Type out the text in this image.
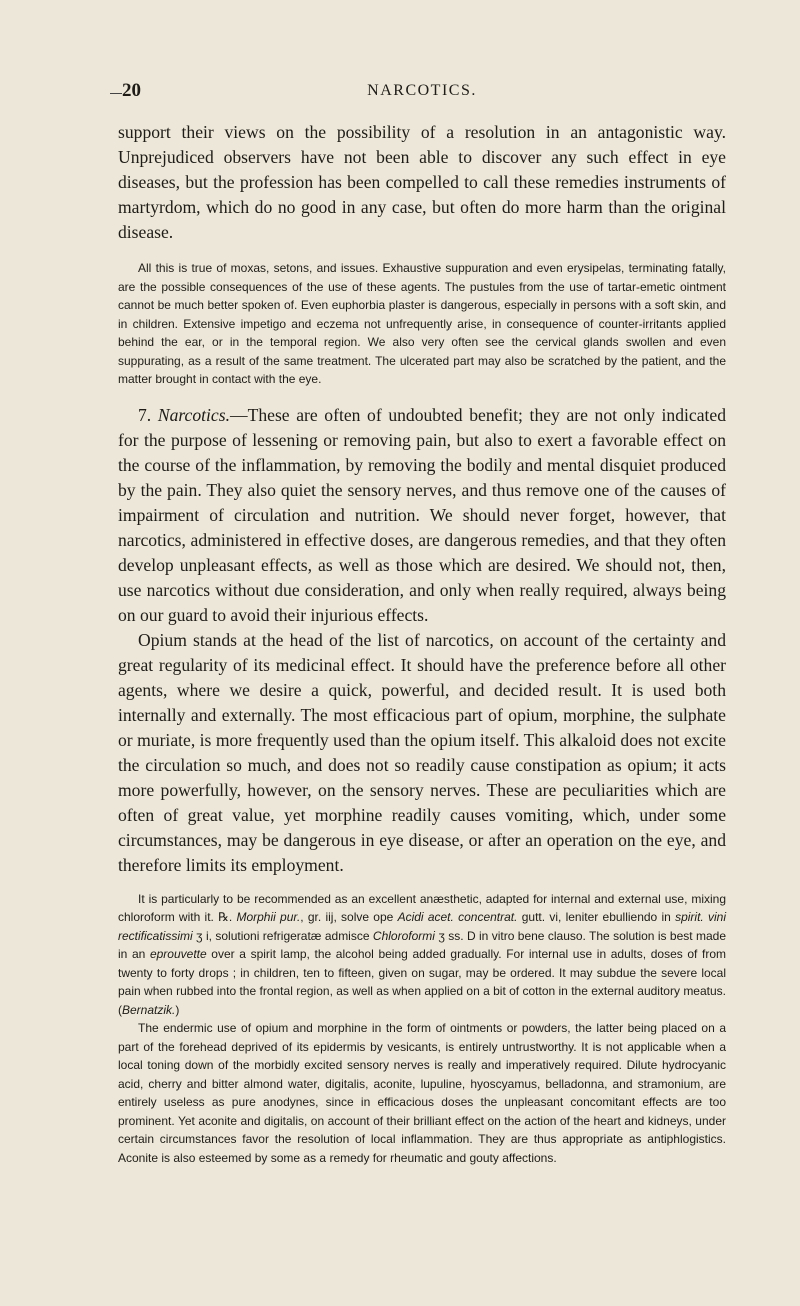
20	NARCOTICS.

support their views on the possibility of a resolution in an antagonistic way. Unprejudiced observers have not been able to discover any such effect in eye diseases, but the profession has been compelled to call these remedies instruments of martyrdom, which do no good in any case, but often do more harm than the original disease.

All this is true of moxas, setons, and issues. Exhaustive suppuration and even erysipelas, terminating fatally, are the possible consequences of the use of these agents. The pustules from the use of tartar-emetic ointment cannot be much better spoken of. Even euphorbia plaster is dangerous, especially in persons with a soft skin, and in children. Extensive impetigo and eczema not unfrequently arise, in consequence of counter-irritants applied behind the ear, or in the temporal region. We also very often see the cervical glands swollen and even suppurating, as a result of the same treatment. The ulcerated part may also be scratched by the patient, and the matter brought in contact with the eye.

7. Narcotics.—These are often of undoubted benefit; they are not only indicated for the purpose of lessening or removing pain, but also to exert a favorable effect on the course of the inflammation, by removing the bodily and mental disquiet produced by the pain. They also quiet the sensory nerves, and thus remove one of the causes of impairment of circulation and nutrition. We should never forget, however, that narcotics, administered in effective doses, are dangerous remedies, and that they often develop unpleasant effects, as well as those which are desired. We should not, then, use narcotics without due consideration, and only when really required, always being on our guard to avoid their injurious effects.

Opium stands at the head of the list of narcotics, on account of the certainty and great regularity of its medicinal effect. It should have the preference before all other agents, where we desire a quick, powerful, and decided result. It is used both internally and externally. The most efficacious part of opium, morphine, the sulphate or muriate, is more frequently used than the opium itself. This alkaloid does not excite the circulation so much, and does not so readily cause constipation as opium; it acts more powerfully, however, on the sensory nerves. These are peculiarities which are often of great value, yet morphine readily causes vomiting, which, under some circumstances, may be dangerous in eye disease, or after an operation on the eye, and therefore limits its employment.

It is particularly to be recommended as an excellent anæsthetic, adapted for internal and external use, mixing chloroform with it. ℞. Morphii pur., gr. iij, solve ope Acidi acet. concentrat. gutt. vi, leniter ebulliendo in spirit. vini rectificatissimi ʒ i, solutioni refrigeratæ admisce Chloroformi ʒ ss. D in vitro bene clauso. The solution is best made in an eprouvette over a spirit lamp, the alcohol being added gradually. For internal use in adults, doses of from twenty to forty drops ; in children, ten to fifteen, given on sugar, may be ordered. It may subdue the severe local pain when rubbed into the frontal region, as well as when applied on a bit of cotton in the external auditory meatus. (Bernatzik.)

The endermic use of opium and morphine in the form of ointments or powders, the latter being placed on a part of the forehead deprived of its epidermis by vesicants, is entirely untrustworthy. It is not applicable when a local toning down of the morbidly excited sensory nerves is really and imperatively required. Dilute hydrocyanic acid, cherry and bitter almond water, digitalis, aconite, lupuline, hyoscyamus, belladonna, and stramonium, are entirely useless as pure anodynes, since in efficacious doses the unpleasant concomitant effects are too prominent. Yet aconite and digitalis, on account of their brilliant effect on the action of the heart and kidneys, under certain circumstances favor the resolution of local inflammation. They are thus appropriate as antiphlogistics. Aconite is also esteemed by some as a remedy for rheumatic and gouty affections.
